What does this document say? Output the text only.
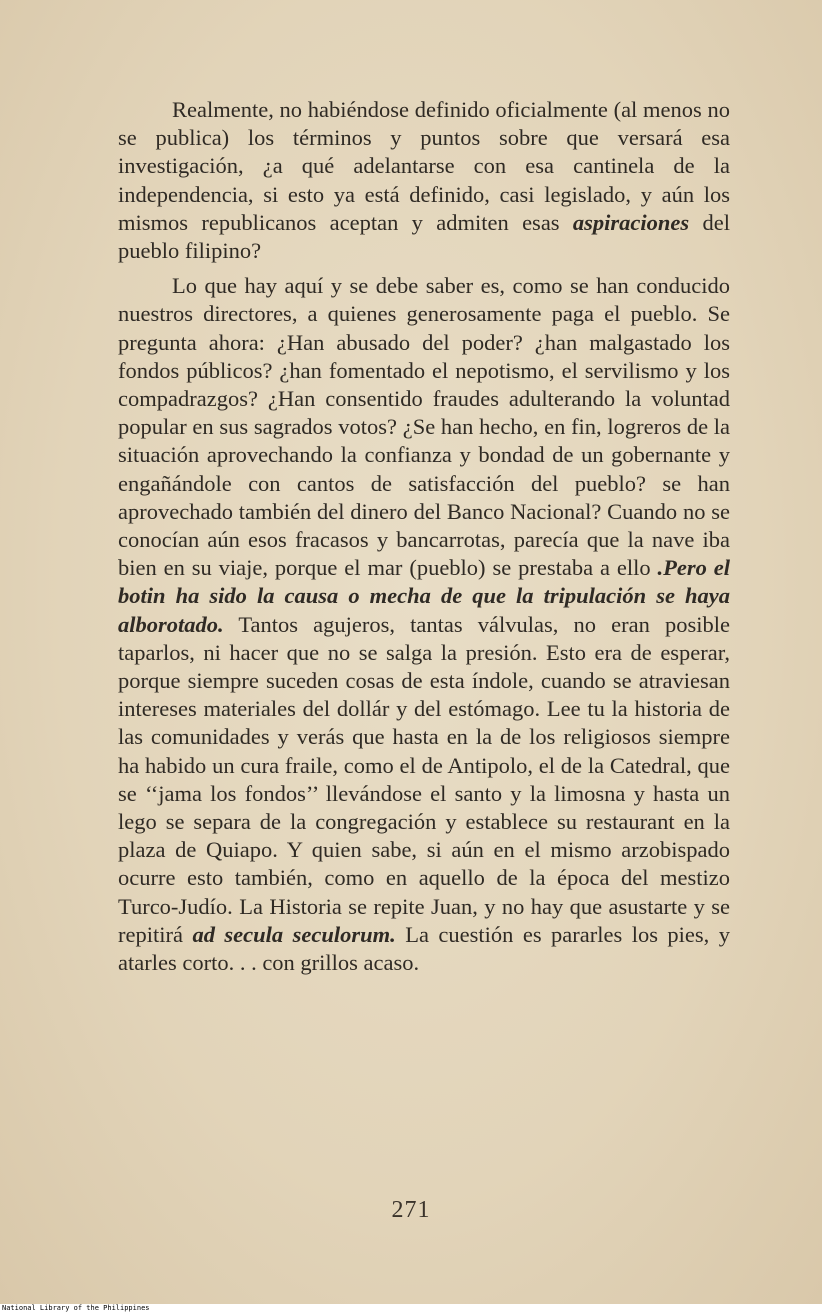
Realmente, no habiéndose definido oficialmente (al menos no se publica) los términos y puntos sobre que versará esa investigación, ¿a qué adelantarse con esa cantinela de la independencia, si esto ya está definido, casi legislado, y aún los mismos republicanos aceptan y admiten esas aspiraciones del pueblo filipino?

Lo que hay aquí y se debe saber es, como se han conducido nuestros directores, a quienes generosamente paga el pueblo. Se pregunta ahora: ¿Han abusado del poder? ¿han malgastado los fondos públicos? ¿han fomentado el nepotismo, el servilismo y los compadrazgos? ¿Han consentido fraudes adulterando la voluntad popular en sus sagrados votos? ¿Se han hecho, en fin, logreros de la situación aprovechando la confianza y bondad de un gobernante y engañándole con cantos de satisfacción del pueblo? se han aprovechado también del dinero del Banco Nacional? Cuando no se conocían aún esos fracasos y bancarrotas, parecía que la nave iba bien en su viaje, porque el mar (pueblo) se prestaba a ello .Pero el botin ha sido la causa o mecha de que la tripulación se haya alborotado. Tantos agujeros, tantas válvulas, no eran posible taparlos, ni hacer que no se salga la presión. Esto era de esperar, porque siempre suceden cosas de esta índole, cuando se atraviesan intereses materiales del dollár y del estómago. Lee tu la historia de las comunidades y verás que hasta en la de los religiosos siempre ha habido un cura fraile, como el de Antipolo, el de la Catedral, que se ‘‘jama los fondos’’ llevándose el santo y la limosna y hasta un lego se separa de la congregación y establece su restaurant en la plaza de Quiapo. Y quien sabe, si aún en el mismo arzobispado ocurre esto también, como en aquello de la época del mestizo Turco-Judío. La Historia se repite Juan, y no hay que asustarte y se repitirá ad secula seculorum. La cuestión es pararles los pies, y atarles corto. . . con grillos acaso.

271
National Library of the Philippines
